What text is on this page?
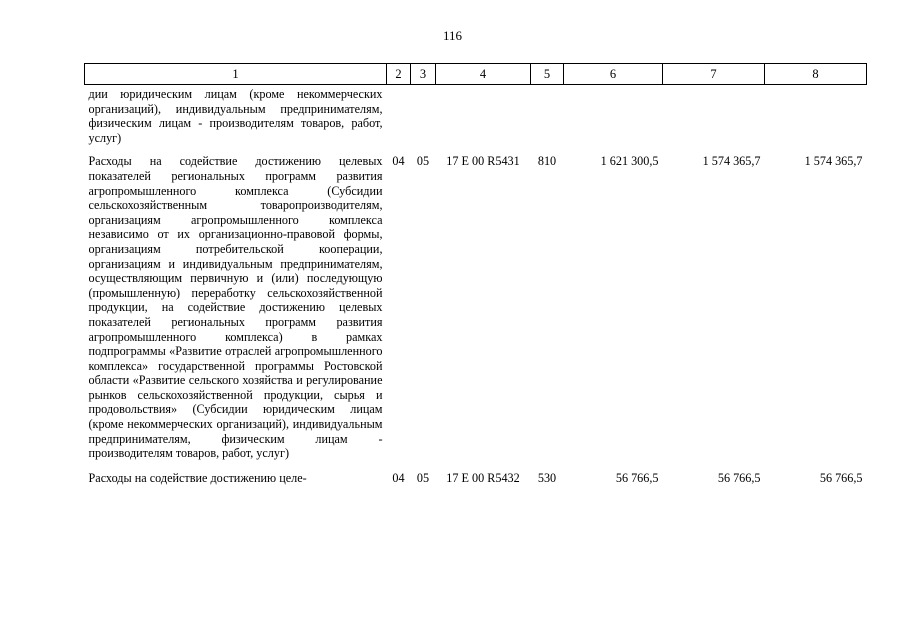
116
1	2	3	4	5	6	7	8
дии юридическим лицам (кроме некоммерческих организаций), индивидуальным предпринимателям, физическим лицам - производителям товаров, работ, услуг)							
Расходы на содействие достижению целевых показателей региональных программ развития агропромышленного комплекса (Субсидии сельскохозяйственным товаропроизводителям, организациям агропромышленного комплекса независимо от их организационно-правовой формы, организациям потребительской кооперации, организациям и индивидуальным предпринимателям, осуществляющим первичную и (или) последующую (промышленную) переработку сельскохозяйственной продукции, на содействие достижению целевых показателей региональных программ развития агропромышленного комплекса) в рамках подпрограммы «Развитие отраслей агропромышленного комплекса» государственной программы Ростовской области «Развитие сельского хозяйства и регулирование рынков сельскохозяйственной продукции, сырья и продовольствия» (Субсидии юридическим лицам (кроме некоммерческих организаций), индивидуальным предпринимателям, физическим лицам - производителям товаров, работ, услуг)	04	05	17 Е 00 R5431	810	1 621 300,5	1 574 365,7	1 574 365,7
Расходы на содействие достижению целе-	04	05	17 Е 00 R5432	530	56 766,5	56 766,5	56 766,5
